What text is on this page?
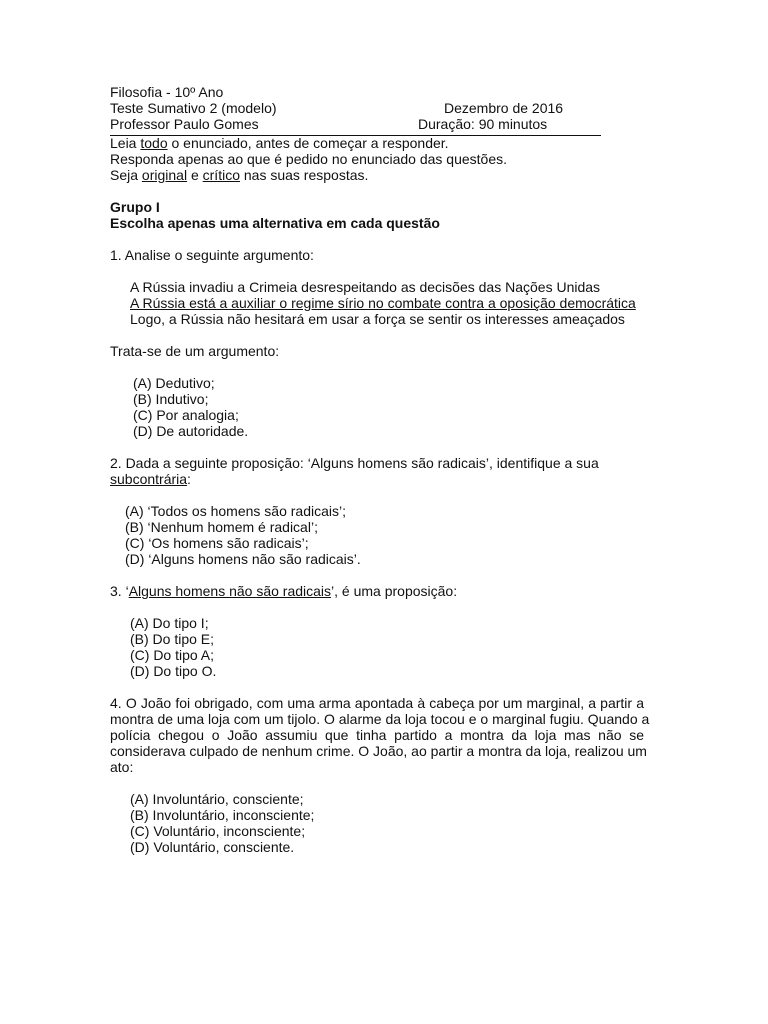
Filosofia - 10º Ano
Teste Sumativo 2 (modelo)	Dezembro de 2016
Professor Paulo Gomes	Duração: 90 minutos
Leia todo o enunciado, antes de começar a responder.
Responda apenas ao que é pedido no enunciado das questões.
Seja original e crítico nas suas respostas.
Grupo I
Escolha apenas uma alternativa em cada questão
1. Analise o seguinte argumento:
A Rússia invadiu a Crimeia desrespeitando as decisões das Nações Unidas
A Rússia está a auxiliar o regime sírio no combate contra a oposição democrática
Logo, a Rússia não hesitará em usar a força se sentir os interesses ameaçados
Trata-se de um argumento:
(A) Dedutivo;
(B) Indutivo;
(C) Por analogia;
(D) De autoridade.
2. Dada a seguinte proposição: ‘Alguns homens são radicais’, identifique a sua
subcontrária:
(A) ‘Todos os homens são radicais’;
(B) ‘Nenhum homem é radical’;
(C) ‘Os homens são radicais’;
(D) ‘Alguns homens não são radicais’.
3. ‘Alguns homens não são radicais’, é uma proposição:
(A) Do tipo I;
(B) Do tipo E;
(C) Do tipo A;
(D) Do tipo O.
4. O João foi obrigado, com uma arma apontada à cabeça por um marginal, a partir a
montra de uma loja com um tijolo. O alarme da loja tocou e o marginal fugiu. Quando a
polícia chegou o João assumiu que tinha partido a montra da loja mas não se
considerava culpado de nenhum crime. O João, ao partir a montra da loja, realizou um
ato:
(A) Involuntário, consciente;
(B) Involuntário, inconsciente;
(C) Voluntário, inconsciente;
(D) Voluntário, consciente.
